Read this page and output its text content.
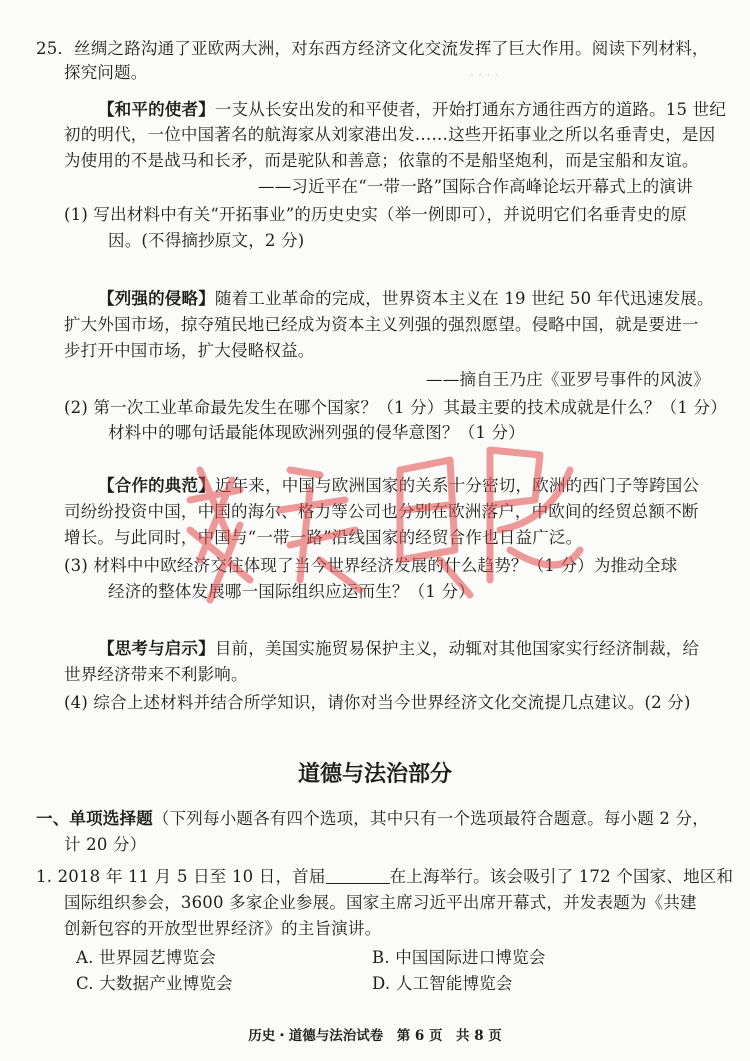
· · · ·
25．丝绸之路沟通了亚欧两大洲，对东西方经济文化交流发挥了巨大作用。阅读下列材料，
探究问题。
【和平的使者】一支从长安出发的和平使者，开始打通东方通往西方的道路。15 世纪
初的明代，一位中国著名的航海家从刘家港出发……这些开拓事业之所以名垂青史，是因
为使用的不是战马和长矛，而是驼队和善意；依靠的不是船坚炮利，而是宝船和友谊。
——习近平在“一带一路”国际合作高峰论坛开幕式上的演讲
(1) 写出材料中有关“开拓事业”的历史史实（举一例即可），并说明它们名垂青史的原
因。(不得摘抄原文，2 分)
【列强的侵略】随着工业革命的完成，世界资本主义在 19 世纪 50 年代迅速发展。
扩大外国市场，掠夺殖民地已经成为资本主义列强的强烈愿望。侵略中国，就是要进一
步打开中国市场，扩大侵略权益。
——摘自王乃庄《亚罗号事件的风波》
(2) 第一次工业革命最先发生在哪个国家？（1 分）其最主要的技术成就是什么？（1 分）
材料中的哪句话最能体现欧洲列强的侵华意图？（1 分）
【合作的典范】近年来，中国与欧洲国家的关系十分密切，欧洲的西门子等跨国公
司纷纷投资中国，中国的海尔、格力等公司也分别在欧洲落户，中欧间的经贸总额不断
增长。与此同时，中国与“一带一路”沿线国家的经贸合作也日益广泛。
(3) 材料中中欧经济交往体现了当今世界经济发展的什么趋势？（1 分）为推动全球
经济的整体发展哪一国际组织应运而生？（1 分）
【思考与启示】目前，美国实施贸易保护主义，动辄对其他国家实行经济制裁，给
世界经济带来不利影响。
(4) 综合上述材料并结合所学知识，请你对当今世界经济文化交流提几点建议。(2 分)
道德与法治部分
一、单项选择题（下列每小题各有四个选项，其中只有一个选项最符合题意。每小题 2 分，
计 20 分）
1. 2018 年 11 月 5 日至 10 日，首届	在上海举行。该会吸引了 172 个国家、地区和
国际组织参会，3600 多家企业参展。国家主席习近平出席开幕式，并发表题为《共建
创新包容的开放型世界经济》的主旨演讲。
A. 世界园艺博览会	B. 中国国际进口博览会
C. 大数据产业博览会	D. 人工智能博览会
历史・道德与法治试卷　第 6 页　共 8 页
